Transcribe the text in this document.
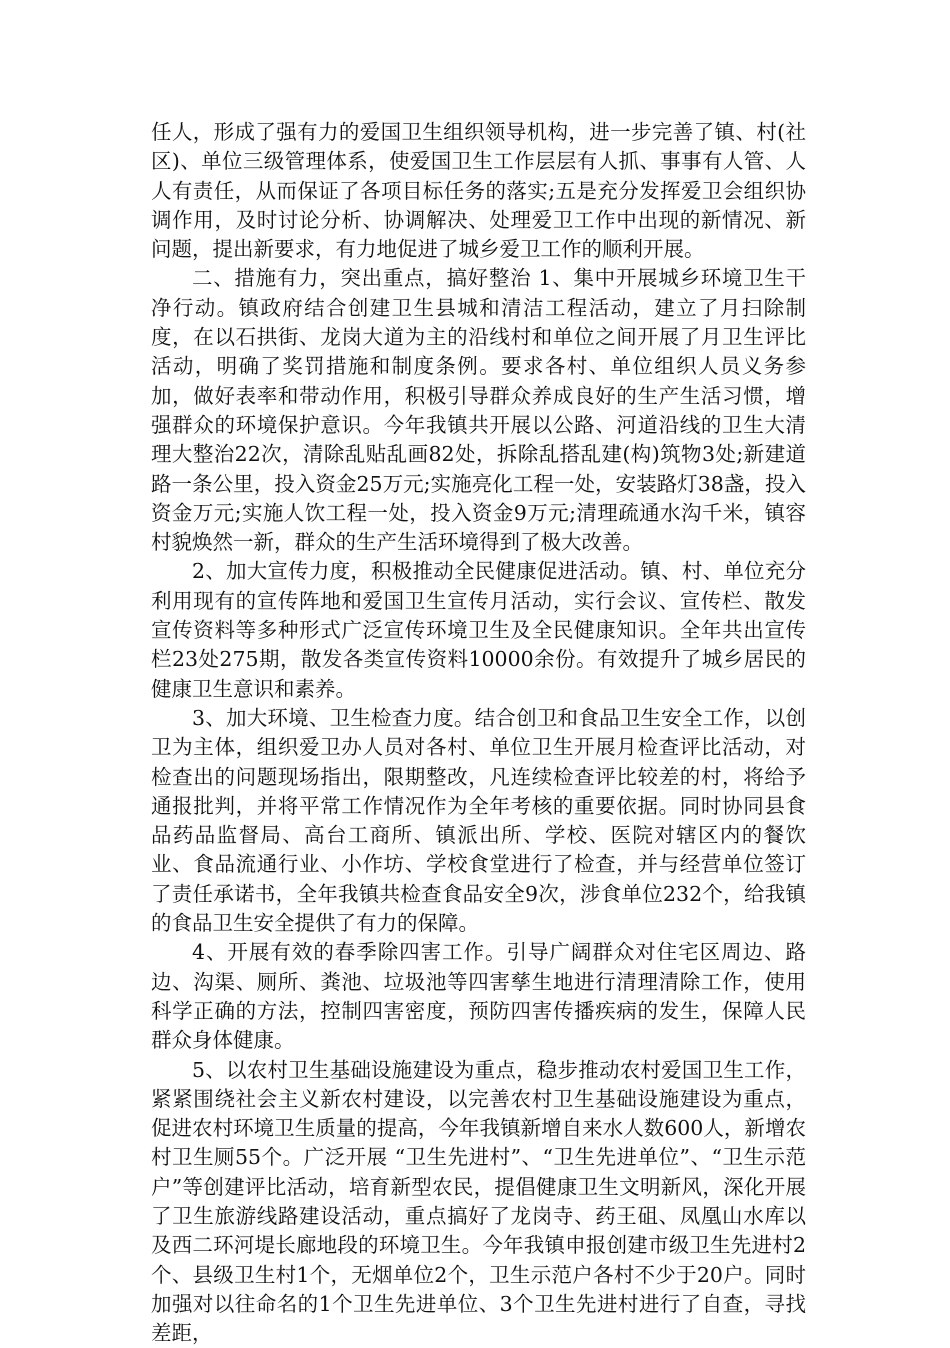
任人，形成了强有力的爱国卫生组织领导机构，进一步完善了镇、村(社区)、单位三级管理体系，使爱国卫生工作层层有人抓、事事有人管、人人有责任，从而保证了各项目标任务的落实;五是充分发挥爱卫会组织协调作用，及时讨论分析、协调解决、处理爱卫工作中出现的新情况、新问题，提出新要求，有力地促进了城乡爱卫工作的顺利开展。

二、措施有力，突出重点，搞好整治 1、集中开展城乡环境卫生干净行动。镇政府结合创建卫生县城和清洁工程活动，建立了月扫除制度，在以石拱街、龙岗大道为主的沿线村和单位之间开展了月卫生评比活动，明确了奖罚措施和制度条例。要求各村、单位组织人员义务参加，做好表率和带动作用，积极引导群众养成良好的生产生活习惯，增强群众的环境保护意识。今年我镇共开展以公路、河道沿线的卫生大清理大整治22次，清除乱贴乱画82处，拆除乱搭乱建(构)筑物3处;新建道路一条公里，投入资金25万元;实施亮化工程一处，安装路灯38盏，投入资金万元;实施人饮工程一处，投入资金9万元;清理疏通水沟千米，镇容村貌焕然一新，群众的生产生活环境得到了极大改善。

2、加大宣传力度，积极推动全民健康促进活动。镇、村、单位充分利用现有的宣传阵地和爱国卫生宣传月活动，实行会议、宣传栏、散发宣传资料等多种形式广泛宣传环境卫生及全民健康知识。全年共出宣传栏23处275期，散发各类宣传资料10000余份。有效提升了城乡居民的健康卫生意识和素养。

3、加大环境、卫生检查力度。结合创卫和食品卫生安全工作，以创卫为主体，组织爱卫办人员对各村、单位卫生开展月检查评比活动，对检查出的问题现场指出，限期整改，凡连续检查评比较差的村，将给予通报批判，并将平常工作情况作为全年考核的重要依据。同时协同县食品药品监督局、高台工商所、镇派出所、学校、医院对辖区内的餐饮业、食品流通行业、小作坊、学校食堂进行了检查，并与经营单位签订了责任承诺书，全年我镇共检查食品安全9次，涉食单位232个，给我镇的食品卫生安全提供了有力的保障。

4、开展有效的春季除四害工作。引导广阔群众对住宅区周边、路边、沟渠、厕所、粪池、垃圾池等四害孳生地进行清理清除工作，使用科学正确的方法，控制四害密度，预防四害传播疾病的发生，保障人民群众身体健康。

5、以农村卫生基础设施建设为重点，稳步推动农村爱国卫生工作，紧紧围绕社会主义新农村建设，以完善农村卫生基础设施建设为重点，促进农村环境卫生质量的提高，今年我镇新增自来水人数600人，新增农村卫生厕55个。广泛开展 “卫生先进村”、“卫生先进单位”、“卫生示范户”等创建评比活动，培育新型农民，提倡健康卫生文明新风，深化开展了卫生旅游线路建设活动，重点搞好了龙岗寺、药王砠、凤凰山水库以及西二环河堤长廊地段的环境卫生。今年我镇申报创建市级卫生先进村2个、县级卫生村1个，无烟单位2个，卫生示范户各村不少于20户。同时加强对以往命名的1个卫生先进单位、3个卫生先进村进行了自查，寻找差距，
